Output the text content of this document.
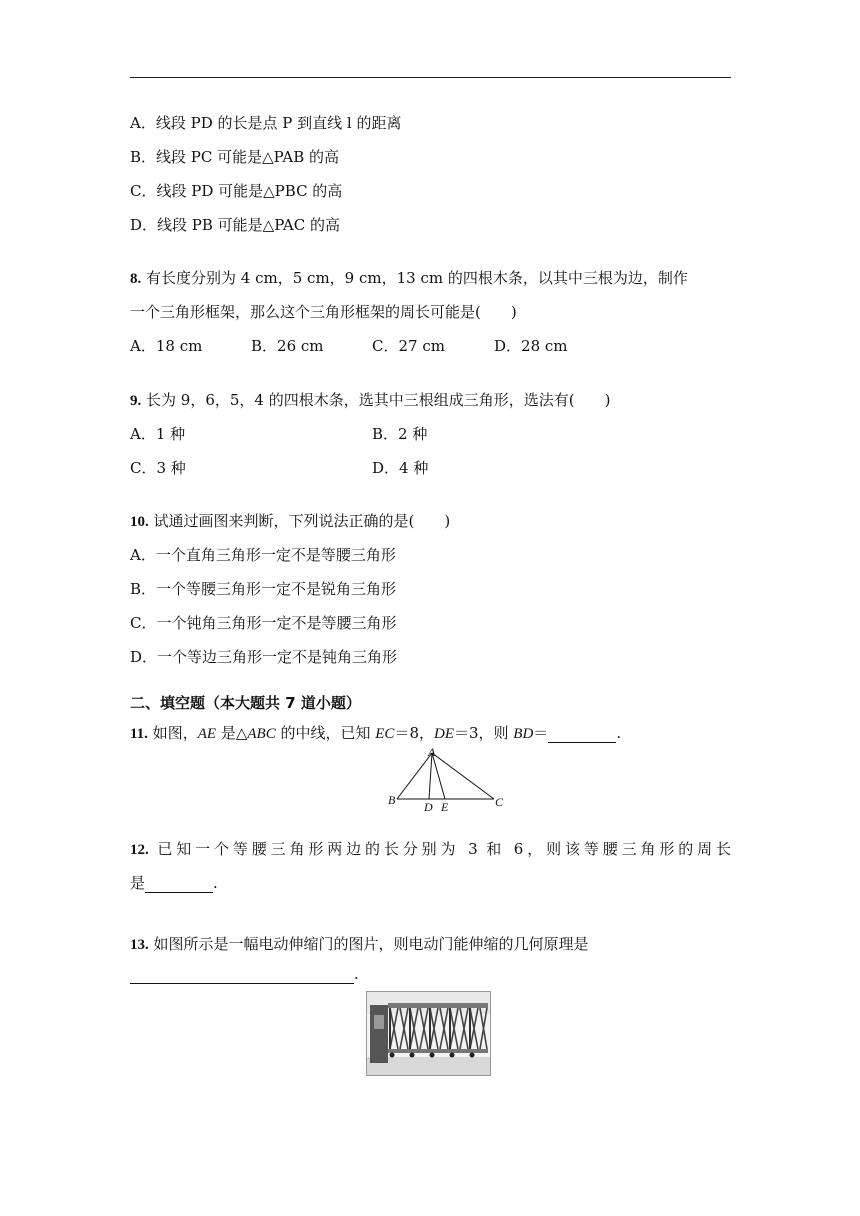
A．线段 PD 的长是点 P 到直线 l 的距离
B．线段 PC 可能是△PAB 的高
C．线段 PD 可能是△PBC 的高
D．线段 PB 可能是△PAC 的高
8. 有长度分别为 4 cm，5 cm，9 cm，13 cm 的四根木条，以其中三根为边，制作
一个三角形框架，那么这个三角形框架的周长可能是(　　)
A．18 cm	B．26 cm	C．27 cm	D．28 cm
9. 长为 9，6，5，4 的四根木条，选其中三根组成三角形，选法有(　　)
A．1 种	B．2 种
C．3 种	D．4 种
10. 试通过画图来判断，下列说法正确的是(　　)
A．一个直角三角形一定不是等腰三角形
B．一个等腰三角形一定不是锐角三角形
C．一个钝角三角形一定不是等腰三角形
D．一个等边三角形一定不是钝角三角形
二、填空题（本大题共 7 道小题）
11. 如图，AE 是△ABC 的中线，已知 EC＝8，DE＝3，则 BD＝	.
A
B	C
D E
12. 已知一个等腰三角形两边的长分别为 3 和 6，则该等腰三角形的周长
是	.
13. 如图所示是一幅电动伸缩门的图片，则电动门能伸缩的几何原理是
.
